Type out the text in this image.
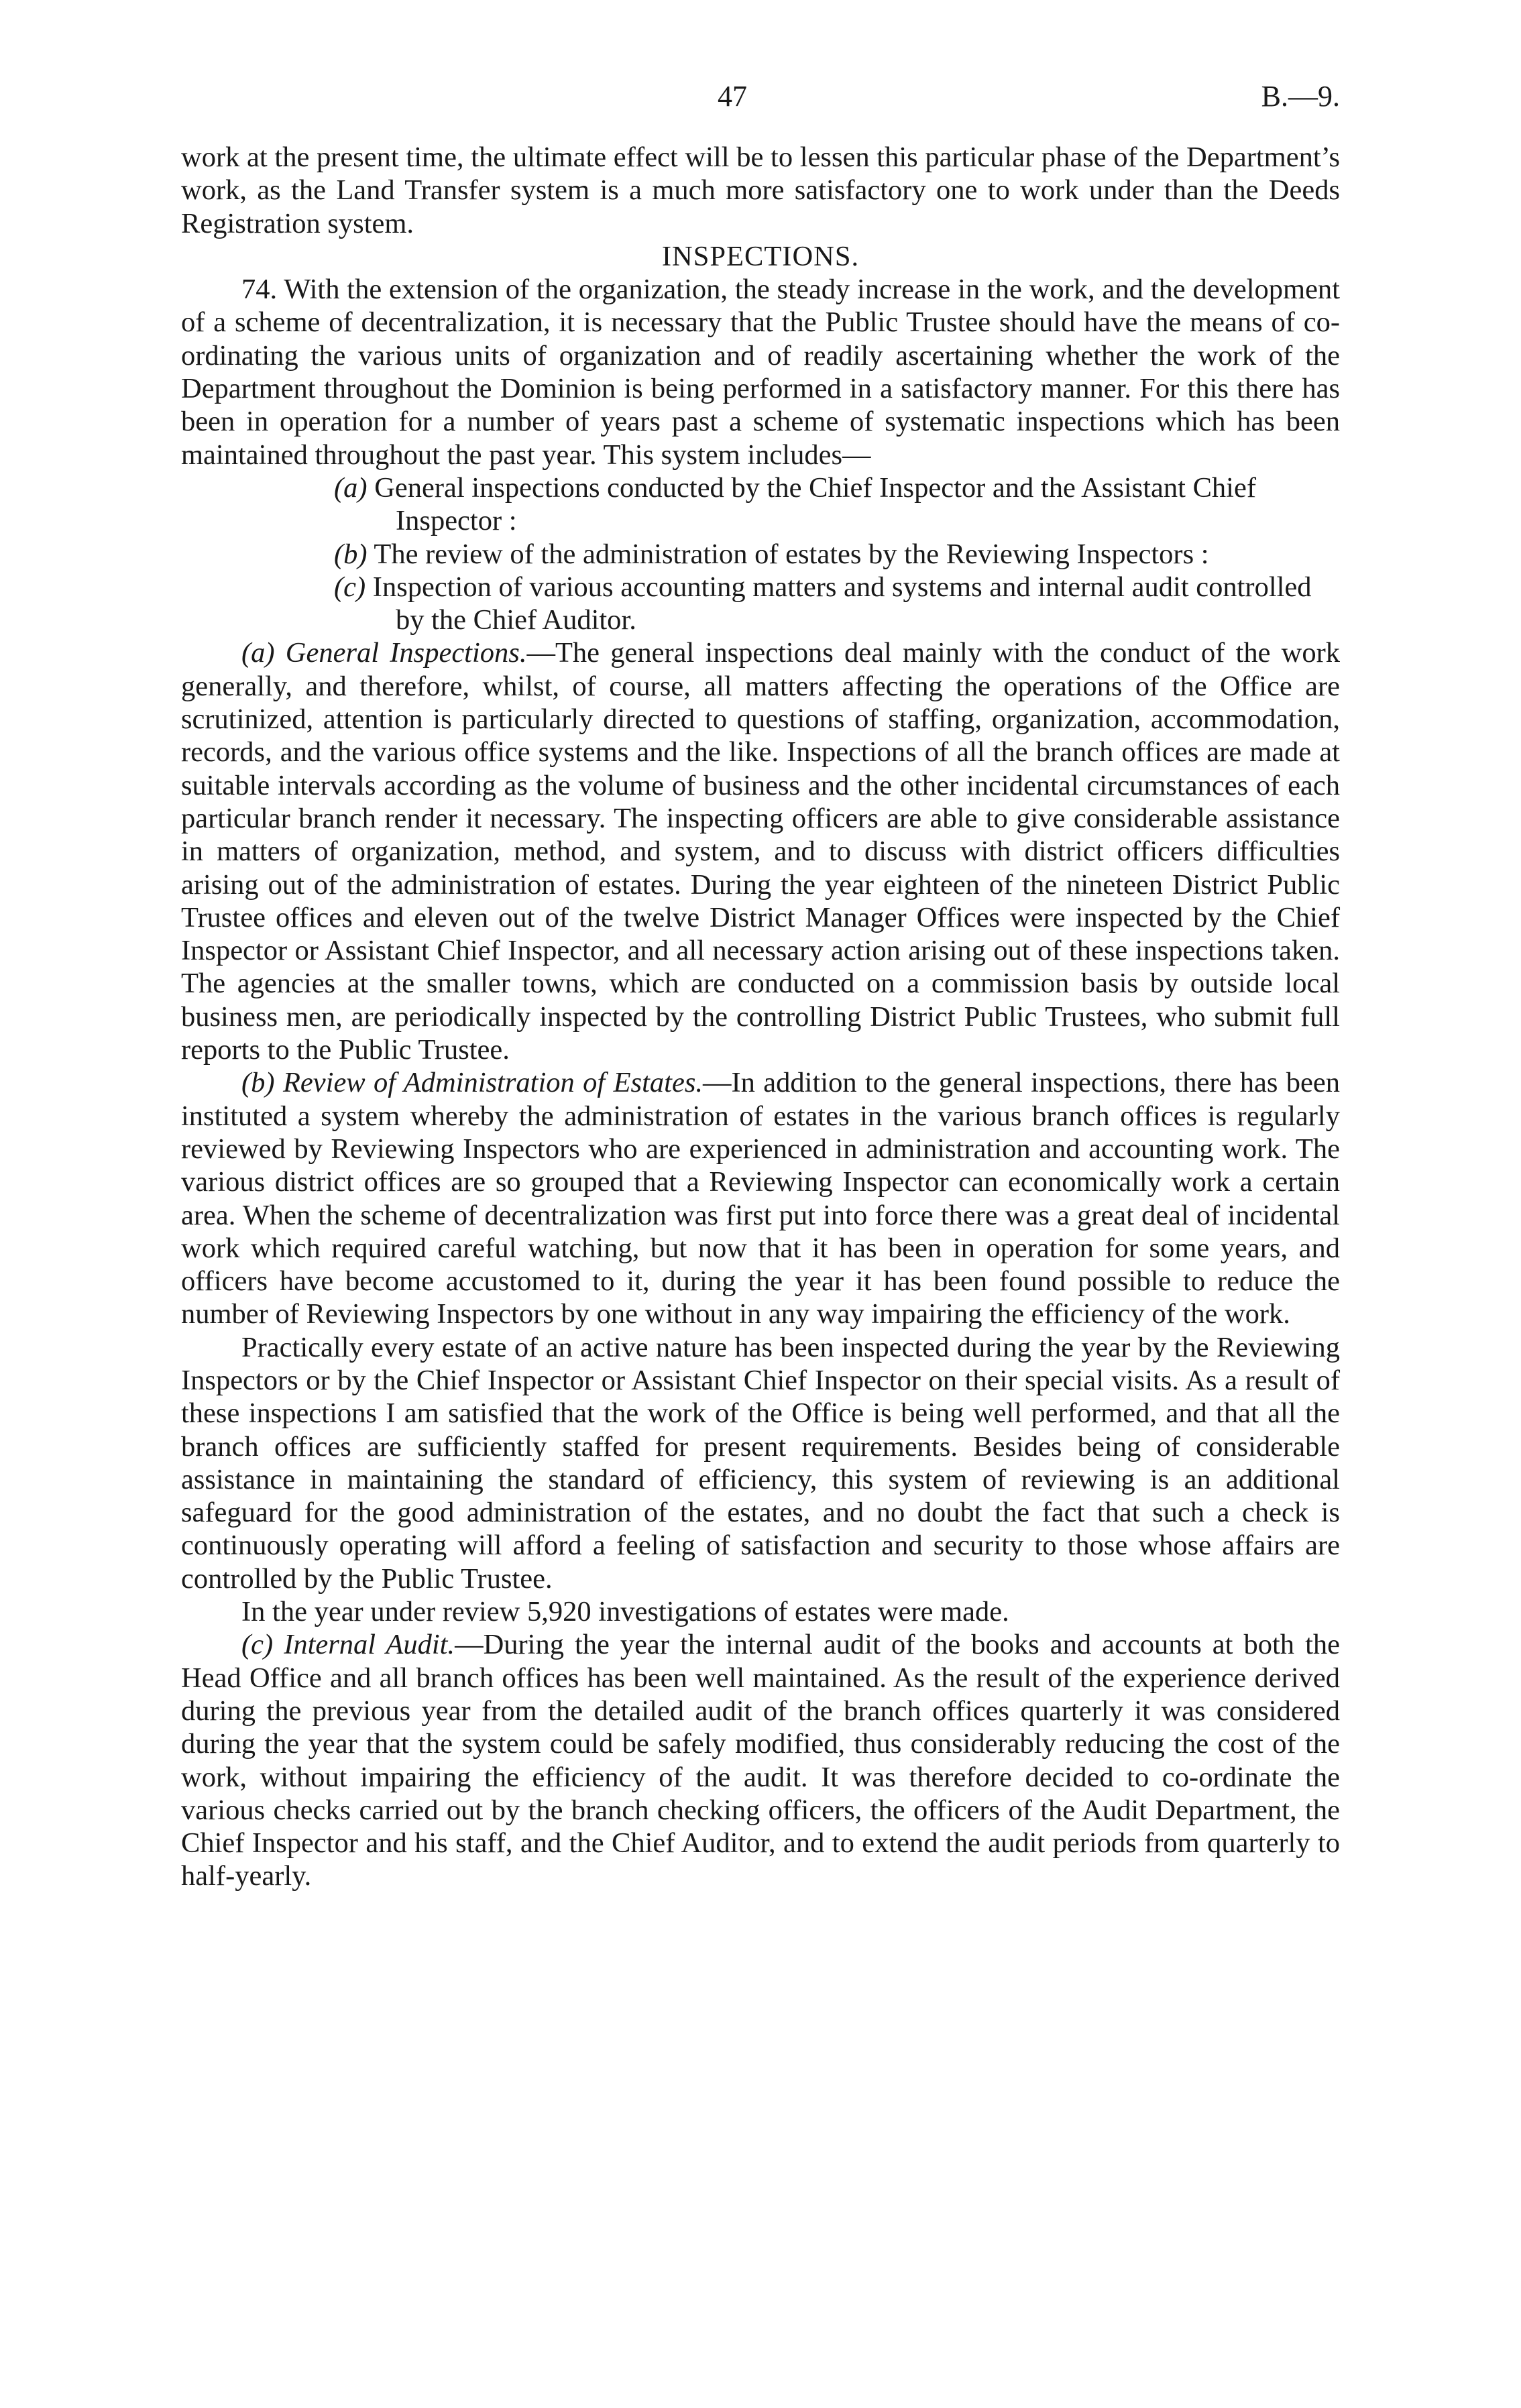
47	B.—9.

work at the present time, the ultimate effect will be to lessen this particular phase of the Department’s work, as the Land Transfer system is a much more satisfactory one to work under than the Deeds Registration system.

INSPECTIONS.

74. With the extension of the organization, the steady increase in the work, and the development of a scheme of decentralization, it is necessary that the Public Trustee should have the means of co-ordinating the various units of organization and of readily ascertaining whether the work of the Department throughout the Dominion is being performed in a satisfactory manner. For this there has been in operation for a number of years past a scheme of systematic inspections which has been maintained throughout the past year. This system includes—

(a) General inspections conducted by the Chief Inspector and the Assistant Chief Inspector :
(b) The review of the administration of estates by the Reviewing Inspectors :
(c) Inspection of various accounting matters and systems and internal audit controlled by the Chief Auditor.

(a) General Inspections.—The general inspections deal mainly with the conduct of the work generally, and therefore, whilst, of course, all matters affecting the operations of the Office are scrutinized, attention is particularly directed to questions of staffing, organization, accommodation, records, and the various office systems and the like. Inspections of all the branch offices are made at suitable intervals according as the volume of business and the other incidental circumstances of each particular branch render it necessary. The inspecting officers are able to give considerable assistance in matters of organization, method, and system, and to discuss with district officers difficulties arising out of the administration of estates. During the year eighteen of the nineteen District Public Trustee offices and eleven out of the twelve District Manager Offices were inspected by the Chief Inspector or Assistant Chief Inspector, and all necessary action arising out of these inspections taken. The agencies at the smaller towns, which are conducted on a commission basis by outside local business men, are periodically inspected by the controlling District Public Trustees, who submit full reports to the Public Trustee.

(b) Review of Administration of Estates.—In addition to the general inspections, there has been instituted a system whereby the administration of estates in the various branch offices is regularly reviewed by Reviewing Inspectors who are experienced in administration and accounting work. The various district offices are so grouped that a Reviewing Inspector can economically work a certain area. When the scheme of decentralization was first put into force there was a great deal of incidental work which required careful watching, but now that it has been in operation for some years, and officers have become accustomed to it, during the year it has been found possible to reduce the number of Reviewing Inspectors by one without in any way impairing the efficiency of the work.

Practically every estate of an active nature has been inspected during the year by the Reviewing Inspectors or by the Chief Inspector or Assistant Chief Inspector on their special visits. As a result of these inspections I am satisfied that the work of the Office is being well performed, and that all the branch offices are sufficiently staffed for present requirements. Besides being of considerable assistance in maintaining the standard of efficiency, this system of reviewing is an additional safeguard for the good administration of the estates, and no doubt the fact that such a check is continuously operating will afford a feeling of satisfaction and security to those whose affairs are controlled by the Public Trustee.

In the year under review 5,920 investigations of estates were made.

(c) Internal Audit.—During the year the internal audit of the books and accounts at both the Head Office and all branch offices has been well maintained. As the result of the experience derived during the previous year from the detailed audit of the branch offices quarterly it was considered during the year that the system could be safely modified, thus considerably reducing the cost of the work, without impairing the efficiency of the audit. It was therefore decided to co-ordinate the various checks carried out by the branch checking officers, the officers of the Audit Department, the Chief Inspector and his staff, and the Chief Auditor, and to extend the audit periods from quarterly to half-yearly.
